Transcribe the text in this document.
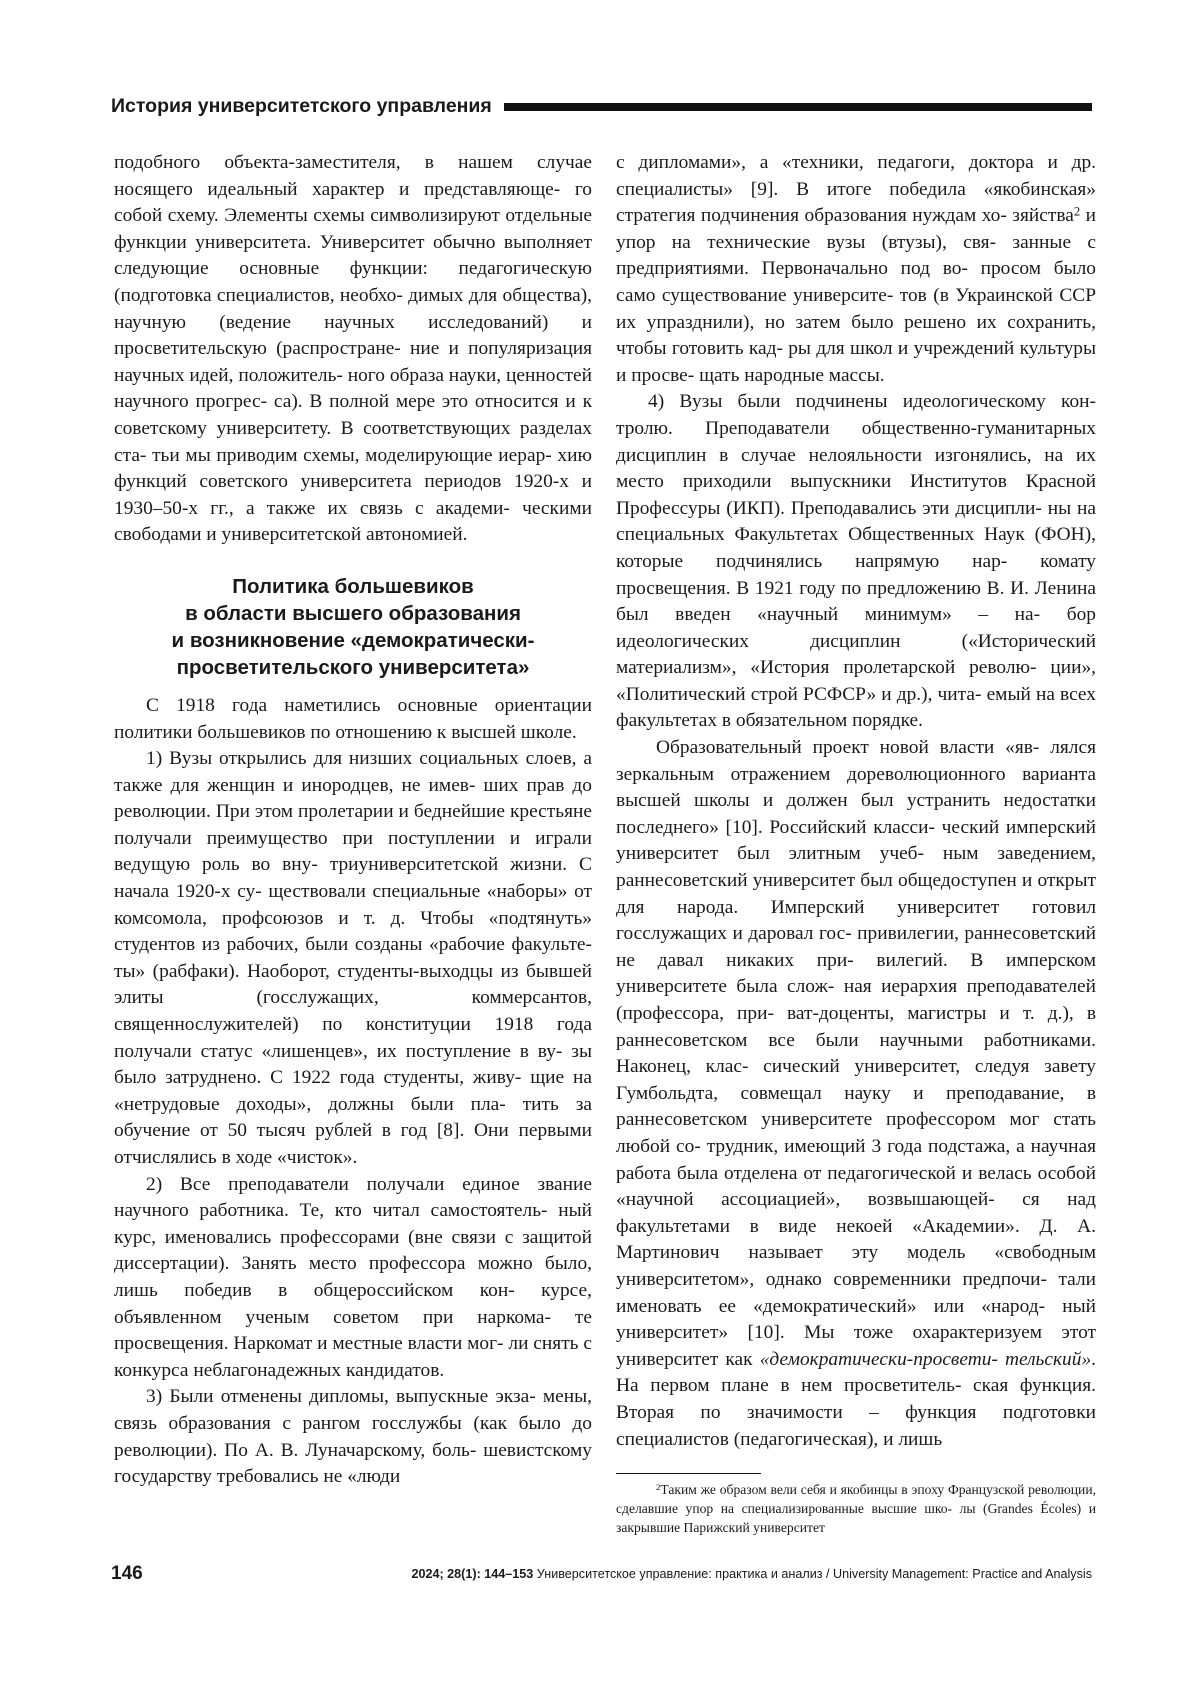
История университетского управления

подобного объекта-заместителя, в нашем случае носящего идеальный характер и представляюще- го собой схему. Элементы схемы символизируют отдельные функции университета. Университет обычно выполняет следующие основные функции: педагогическую (подготовка специалистов, необхо- димых для общества), научную (ведение научных исследований) и просветительскую (распростране- ние и популяризация научных идей, положитель- ного образа науки, ценностей научного прогрес- са). В полной мере это относится и к советскому университету. В соответствующих разделах ста- тьи мы приводим схемы, моделирующие иерар- хию функций советского университета периодов 1920-х и 1930–50-х гг., а также их связь с академи- ческими свободами и университетской автономией.

Политика большевиков
в области высшего образования
и возникновение «демократически-
просветительского университета»

С 1918 года наметились основные ориентации политики большевиков по отношению к высшей школе.

1) Вузы открылись для низших социальных слоев, а также для женщин и инородцев, не имев- ших прав до революции. При этом пролетарии и беднейшие крестьяне получали преимущество при поступлении и играли ведущую роль во вну- триуниверситетской жизни. С начала 1920-х су- ществовали специальные «наборы» от комсомола, профсоюзов и т. д. Чтобы «подтянуть» студентов из рабочих, были созданы «рабочие факульте- ты» (рабфаки). Наоборот, студенты-выходцы из бывшей элиты (госслужащих, коммерсантов, священнослужителей) по конституции 1918 года получали статус «лишенцев», их поступление в ву- зы было затруднено. С 1922 года студенты, живу- щие на «нетрудовые доходы», должны были пла- тить за обучение от 50 тысяч рублей в год [8]. Они первыми отчислялись в ходе «чисток».

2) Все преподаватели получали единое звание научного работника. Те, кто читал самостоятель- ный курс, именовались профессорами (вне связи с защитой диссертации). Занять место профессора можно было, лишь победив в общероссийском кон- курсе, объявленном ученым советом при наркома- те просвещения. Наркомат и местные власти мог- ли снять с конкурса неблагонадежных кандидатов.

3) Были отменены дипломы, выпускные экза- мены, связь образования с рангом госслужбы (как было до революции). По А. В. Луначарскому, боль- шевистскому государству требовались не «люди

с дипломами», а «техники, педагоги, доктора и др. специалисты» [9]. В итоге победила «якобинская» стратегия подчинения образования нуждам хо- зяйства$^2$ и упор на технические вузы (втузы), свя- занные с предприятиями. Первоначально под во- просом было само существование университе- тов (в Украинской ССР их упразднили), но затем было решено их сохранить, чтобы готовить кад- ры для школ и учреждений культуры и просве- щать народные массы.

4) Вузы были подчинены идеологическому кон- тролю. Преподаватели общественно-гуманитарных дисциплин в случае нелояльности изгонялись, на их место приходили выпускники Институтов Красной Профессуры (ИКП). Преподавались эти дисципли- ны на специальных Факультетах Общественных Наук (ФОН), которые подчинялись напрямую нар- комату просвещения. В 1921 году по предложению В. И. Ленина был введен «научный минимум» – на- бор идеологических дисциплин («Исторический материализм», «История пролетарской револю- ции», «Политический строй РСФСР» и др.), чита- емый на всех факультетах в обязательном порядке.

Образовательный проект новой власти «яв- лялся зеркальным отражением дореволюционного варианта высшей школы и должен был устранить недостатки последнего» [10]. Российский класси- ческий имперский университет был элитным учеб- ным заведением, раннесоветский университет был общедоступен и открыт для народа. Имперский университет готовил госслужащих и даровал гос- привилегии, раннесоветский не давал никаких при- вилегий. В имперском университете была слож- ная иерархия преподавателей (профессора, при- ват-доценты, магистры и т. д.), в раннесоветском все были научными работниками. Наконец, клас- сический университет, следуя завету Гумбольдта, совмещал науку и преподавание, в раннесоветском университете профессором мог стать любой со- трудник, имеющий 3 года подстажа, а научная работа была отделена от педагогической и велась особой «научной ассоциацией», возвышающей- ся над факультетами в виде некоей «Академии». Д. А. Мартинович называет эту модель «свободным университетом», однако современники предпочи- тали именовать ее «демократический» или «народ- ный университет» [10]. Мы тоже охарактеризуем этот университет как «демократически-просвети- тельский». На первом плане в нем просветитель- ская функция. Вторая по значимости – функция подготовки специалистов (педагогическая), и лишь

$^2$Таким же образом вели себя и якобинцы в эпоху Французской революции, сделавшие упор на специализированные высшие шко- лы (Grandes Écoles) и закрывшие Парижский университет
146	2024; 28(1): 144–153 Университетское управление: практика и анализ / University Management: Practice and Analysis
